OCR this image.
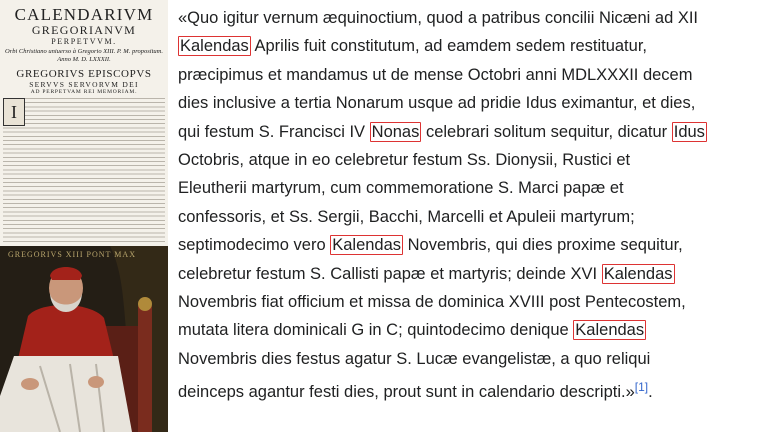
CALENDARIVM
GREGORIANVM
PERPETVVM.
Orbi Christiano uniuerso à Gregorio XIII. P. M. propositum. Anno M. D. LXXXII.
GREGORIVS EPISCOPVS
SERVVS SERVORVM DEI
AD PERPETVAM REI MEMORIAM.
I
GREGORIVS XIII PONT MAX
«Quo igitur vernum æquinoctium, quod a patribus concilii Nicæni ad XII
Kalendas Aprilis fuit constitutum, ad eamdem sedem restituatur,
præcipimus et mandamus ut de mense Octobri anni MDLXXXII decem
dies inclusive a tertia Nonarum usque ad pridie Idus eximantur, et dies,
qui festum S. Francisci IV Nonas celebrari solitum sequitur, dicatur Idus
Octobris, atque in eo celebretur festum Ss. Dionysii, Rustici et
Eleutherii martyrum, cum commemoratione S. Marci papæ et
confessoris, et Ss. Sergii, Bacchi, Marcelli et Apuleii martyrum;
septimodecimo vero Kalendas Novembris, qui dies proxime sequitur,
celebretur festum S. Callisti papæ et martyris; deinde XVI Kalendas
Novembris fiat officium et missa de dominica XVIII post Pentecostem,
mutata litera dominicali G in C; quintodecimo denique Kalendas
Novembris dies festus agatur S. Lucæ evangelistæ, a quo reliqui
deinceps agantur festi dies, prout sunt in calendario descripti.»[1].
